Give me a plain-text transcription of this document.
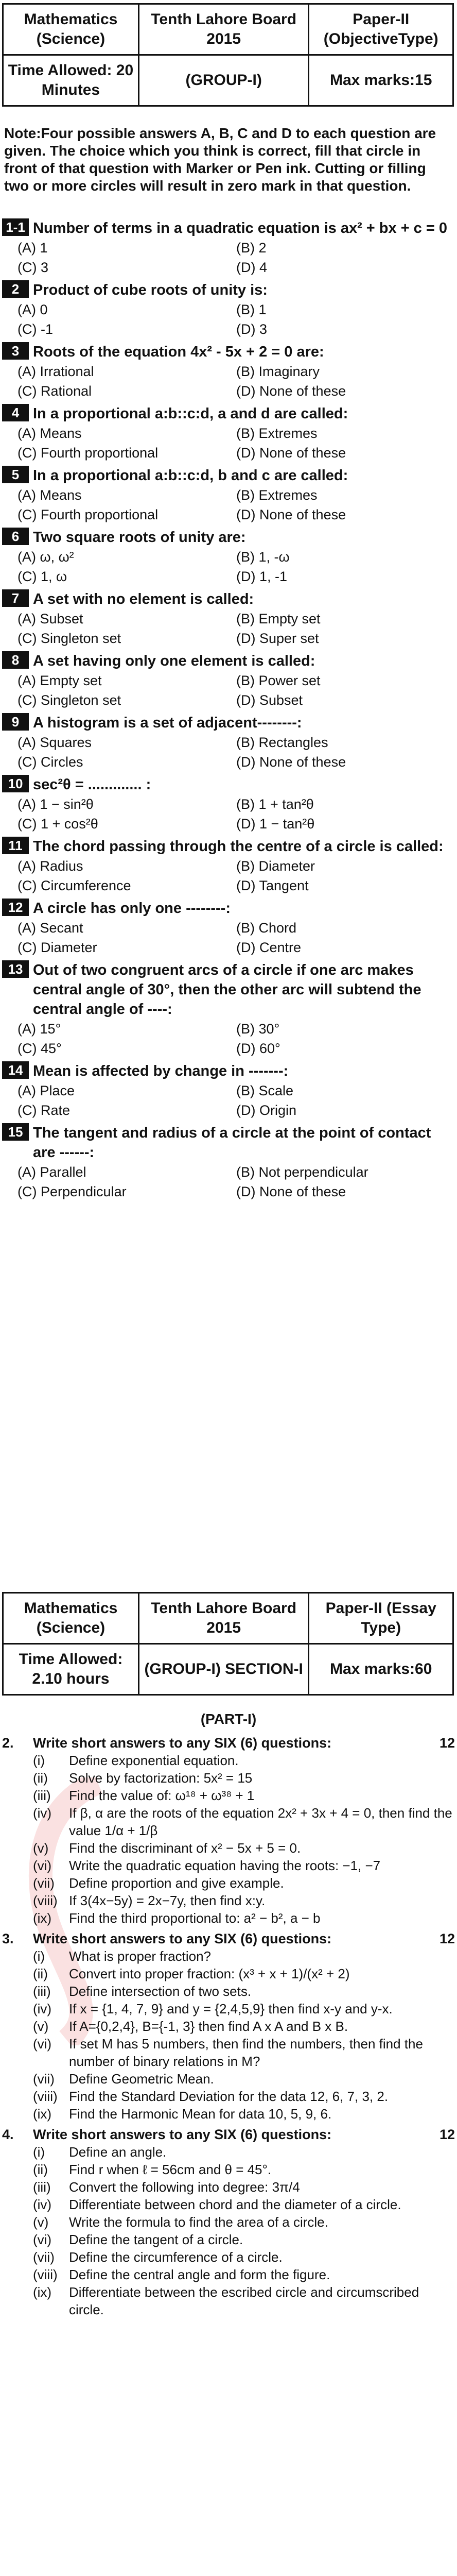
Mathematics (Science)	Tenth Lahore Board 2015	Paper-II (ObjectiveType)
Time Allowed: 20 Minutes	(GROUP-I)	Max marks:15
Note:Four possible answers A, B, C and D to each question are given. The choice which you think is correct, fill that circle in front of that question with Marker or Pen ink. Cutting or filling two or more circles will result in zero mark in that question.
1-1 Number of terms in a quadratic equation is ax² + bx + c = 0
(A) 1	(B) 2
(C) 3	(D) 4
2 Product of cube roots of unity is:
(A) 0	(B) 1
(C) -1	(D) 3
3 Roots of the equation 4x² - 5x + 2 = 0 are:
(A) Irrational	(B) Imaginary
(C) Rational	(D) None of these
4 In a proportional a:b::c:d, a and d are called:
(A) Means	(B) Extremes
(C) Fourth proportional	(D) None of these
5 In a proportional a:b::c:d, b and c are called:
(A) Means	(B) Extremes
(C) Fourth proportional	(D) None of these
6 Two square roots of unity are:
(A) ω, ω²	(B) 1, -ω
(C) 1, ω	(D) 1, -1
7 A set with no element is called:
(A) Subset	(B) Empty set
(C) Singleton set	(D) Super set
8 A set having only one element is called:
(A) Empty set	(B) Power set
(C) Singleton set	(D) Subset
9 A histogram is a set of adjacent--------:
(A) Squares	(B) Rectangles
(C) Circles	(D) None of these
10 sec²θ = ............. :
(A) 1 − sin²θ	(B) 1 + tan²θ
(C) 1 + cos²θ	(D) 1 − tan²θ
11 The chord passing through the centre of a circle is called:
(A) Radius	(B) Diameter
(C) Circumference	(D) Tangent
12 A circle has only one --------:
(A) Secant	(B) Chord
(C) Diameter	(D) Centre
13 Out of two congruent arcs of a circle if one arc makes central angle of 30°, then the other arc will subtend the central angle of ----:
(A) 15°	(B) 30°
(C) 45°	(D) 60°
14 Mean is affected by change in -------:
(A) Place	(B) Scale
(C) Rate	(D) Origin
15 The tangent and radius of a circle at the point of contact are ------:
(A) Parallel	(B) Not perpendicular
(C) Perpendicular	(D) None of these
Mathematics (Science)	Tenth Lahore Board 2015	Paper-II (Essay Type)
Time Allowed: 2.10 hours	(GROUP-I) SECTION-I	Max marks:60
(PART-I)
2.	Write short answers to any SIX (6) questions:	12
(i)	Define exponential equation.
(ii)	Solve by factorization: 5x² = 15
(iii)	Find the value of: ω¹⁸ + ω³⁸ + 1
(iv)	If β, α are the roots of the equation 2x² + 3x + 4 = 0, then find the value 1/α + 1/β
(v)	Find the discriminant of x² − 5x + 5 = 0.
(vi)	Write the quadratic equation having the roots: −1, −7
(vii)	Define proportion and give example.
(viii) If 3(4x−5y) = 2x−7y, then find x:y.
(ix)	Find the third proportional to: a² − b², a − b
3.	Write short answers to any SIX (6) questions:	12
(i)	What is proper fraction?
(ii)	Convert into proper fraction: (x³ + x + 1)/(x² + 2)
(iii)	Define intersection of two sets.
(iv)	If x = {1, 4, 7, 9} and y = {2,4,5,9} then find x-y and y-x.
(v)	If A={0,2,4}, B={-1, 3} then find A x A and B x B.
(vi)	If set M has 5 numbers, then find the numbers, then find the number of binary relations in M?
(vii)	Define Geometric Mean.
(viii) Find the Standard Deviation for the data 12, 6, 7, 3, 2.
(ix)	Find the Harmonic Mean for data 10, 5, 9, 6.
4.	Write short answers to any SIX (6) questions:	12
(i)	Define an angle.
(ii)	Find r when ℓ = 56cm and θ = 45°.
(iii)	Convert the following into degree: 3π/4
(iv)	Differentiate between chord and the diameter of a circle.
(v)	Write the formula to find the area of a circle.
(vi)	Define the tangent of a circle.
(vii)	Define the circumference of a circle.
(viii) Define the central angle and form the figure.
(ix)	Differentiate between the escribed circle and circumscribed circle.
